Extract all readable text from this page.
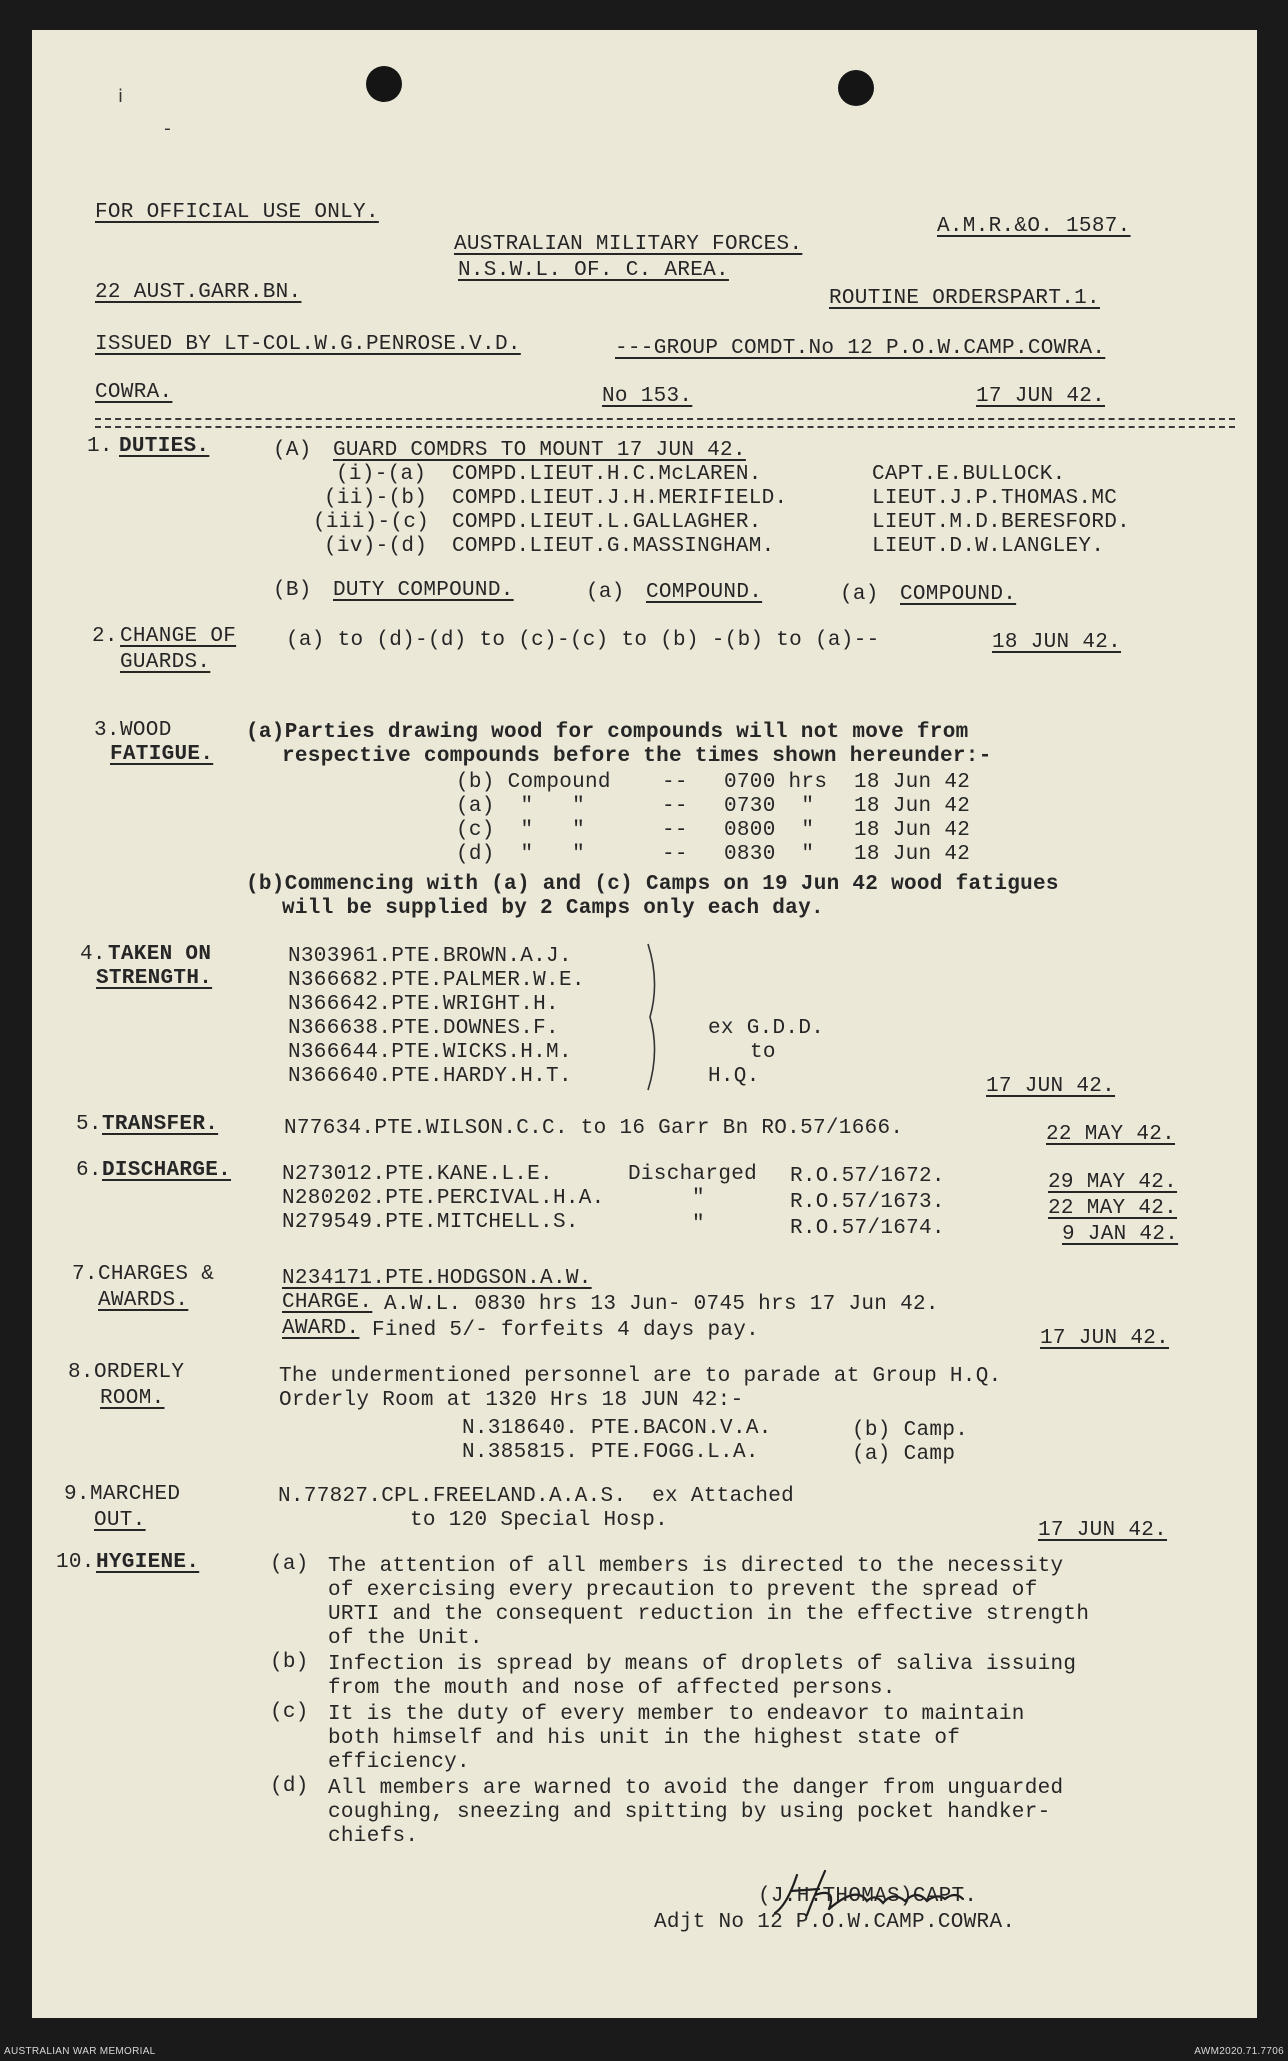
ⅰ
-
FOR OFFICIAL USE ONLY.
A.M.R.&O. 1587.
AUSTRALIAN MILITARY FORCES.
N.S.W.L. OF. C. AREA.
22 AUST.GARR.BN.	ROUTINE ORDERSPART.1.
ISSUED BY LT-COL.W.G.PENROSE.V.D.	---GROUP COMDT.No 12 P.O.W.CAMP.COWRA.
COWRA.	No 153.	17 JUN 42.
1. DUTIES.	(A) GUARD COMDRS TO MOUNT 17 JUN 42.
(i)-(a) COMPD.LIEUT.H.C.McLAREN.	CAPT.E.BULLOCK.
(ii)-(b) COMPD.LIEUT.J.H.MERIFIELD.	LIEUT.J.P.THOMAS.MC
(iii)-(c) COMPD.LIEUT.L.GALLAGHER.	LIEUT.M.D.BERESFORD.
(iv)-(d) COMPD.LIEUT.G.MASSINGHAM.	LIEUT.D.W.LANGLEY.
(B) DUTY COMPOUND.	(a) COMPOUND.	(a) COMPOUND.
2. CHANGE OF
GUARDS.
(a) to (d)-(d) to (c)-(c) to (b) -(b) to (a)--	18 JUN 42.
3. WOOD
FATIGUE.
(a)Parties drawing wood for compounds will not move from
respective compounds before the times shown hereunder:-
(b) Compound -- 0700 hrs 18 Jun 42
(a)  "   "	-- 0730  " 18 Jun 42
(c)  "   "	-- 0800  " 18 Jun 42
(d)  "   "	-- 0830  " 18 Jun 42
(b)Commencing with (a) and (c) Camps on 19 Jun 42 wood fatigues
will be supplied by 2 Camps only each day.
4. TAKEN ON
STRENGTH.
N303961.PTE.BROWN.A.J.
N366682.PTE.PALMER.W.E.
N366642.PTE.WRIGHT.H.
N366638.PTE.DOWNES.F.
N366644.PTE.WICKS.H.M.
N366640.PTE.HARDY.H.T.
ex G.D.D.
to
H.Q.	17 JUN 42.
5. TRANSFER.	N77634.PTE.WILSON.C.C. to 16 Garr Bn RO.57/1666.	22 MAY 42.
6. DISCHARGE. N273012.PTE.KANE.L.E.	Discharged R.O.57/1672.	29 MAY 42.
N280202.PTE.PERCIVAL.H.A.	"	R.O.57/1673.	22 MAY 42.
N279549.PTE.MITCHELL.S.	"	R.O.57/1674.	9 JAN 42.
7. CHARGES &
AWARDS.
N234171.PTE.HODGSON.A.W.
CHARGE. A.W.L. 0830 hrs 13 Jun- 0745 hrs 17 Jun 42.
AWARD. Fined 5/- forfeits 4 days pay.	17 JUN 42.
8. ORDERLY
ROOM.
The undermentioned personnel are to parade at Group H.Q.
Orderly Room at 1320 Hrs 18 JUN 42:-
N.318640. PTE.BACON.V.A.	(b) Camp.
N.385815. PTE.FOGG.L.A.	(a) Camp
9. MARCHED
OUT.
N.77827.CPL.FREELAND.A.A.S.  ex Attached
to 120 Special Hosp.	17 JUN 42.
10. HYGIENE.	(a) The attention of all members is directed to the necessity
of exercising every precaution to prevent the spread of
URTI and the consequent reduction in the effective strength
of the Unit.
(b) Infection is spread by means of droplets of saliva issuing
from the mouth and nose of affected persons.
(c) It is the duty of every member to endeavor to maintain
both himself and his unit in the highest state of
efficiency.
(d) All members are warned to avoid the danger from unguarded
coughing, sneezing and spitting by using pocket handker-
chiefs.
(J.H.THOMAS)CAPT.
Adjt No 12 P.O.W.CAMP.COWRA.
AUSTRALIAN WAR MEMORIAL	AWM2020.71.7706
